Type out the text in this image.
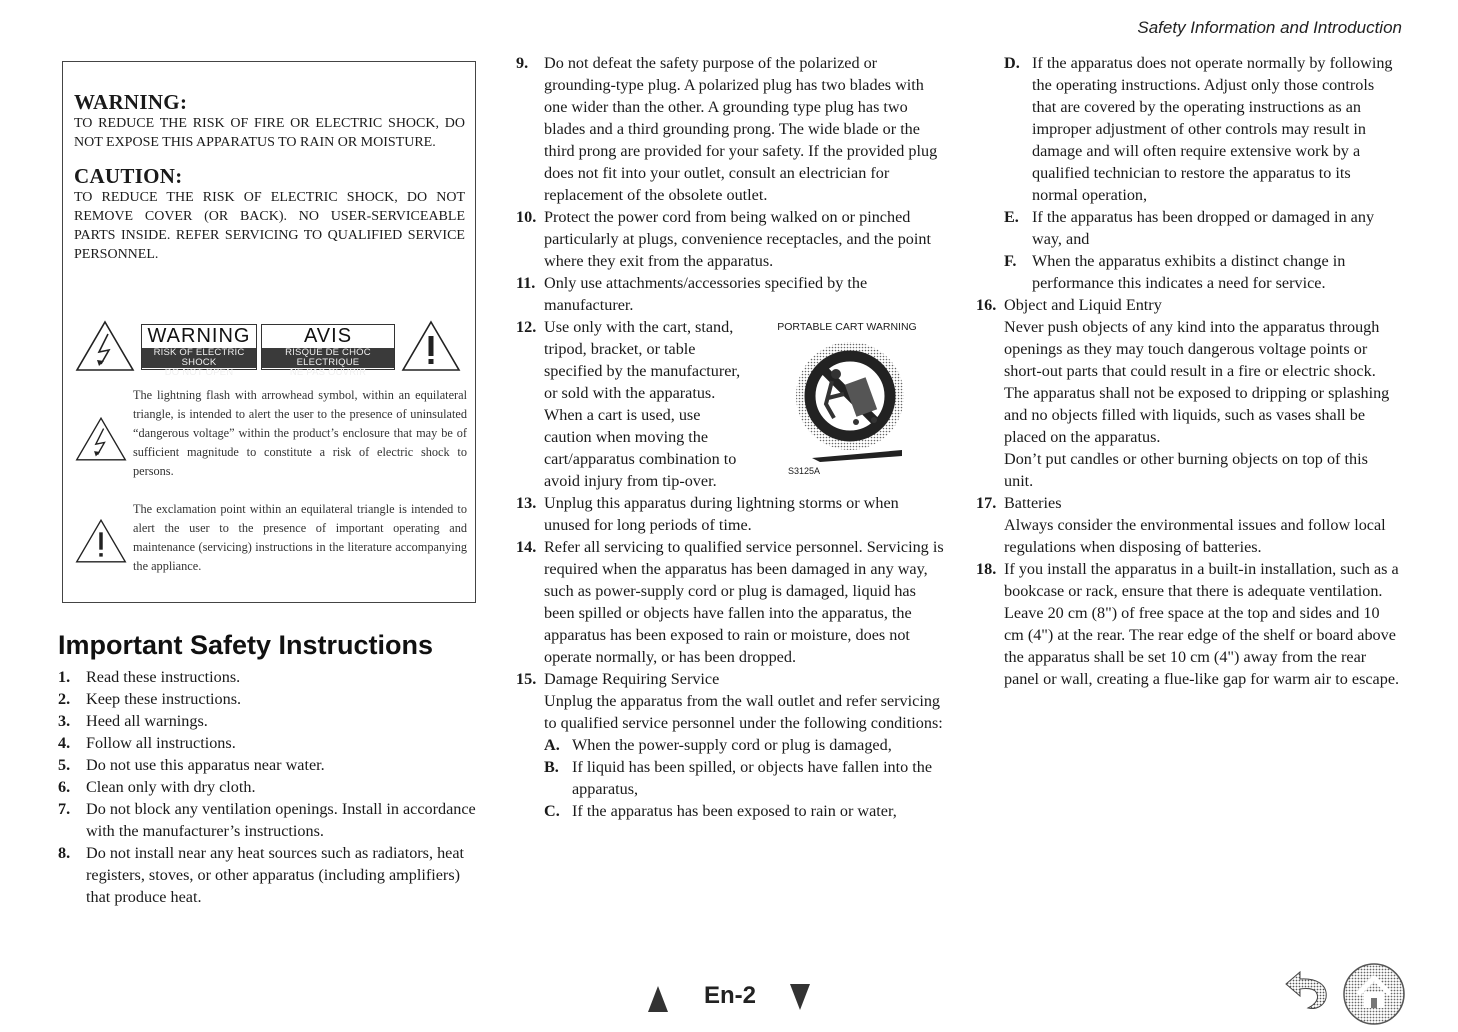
Safety Information and Introduction
WARNING:
TO REDUCE THE RISK OF FIRE OR ELECTRIC SHOCK, DO NOT EXPOSE THIS APPARATUS TO RAIN OR MOISTURE.
CAUTION:
TO REDUCE THE RISK OF ELECTRIC SHOCK, DO NOT REMOVE COVER (OR BACK). NO USER-SERVICEABLE PARTS INSIDE. REFER SERVICING TO QUALIFIED SERVICE PERSONNEL.
WARNING
RISK OF ELECTRIC SHOCK
DO NOT OPEN
AVIS
RISQUE DE CHOC ELECTRIQUE
NE PAS OUVRIR
The lightning flash with arrowhead symbol, within an equilateral triangle, is intended to alert the user to the presence of uninsulated “dangerous voltage” within the product’s enclosure that may be of sufficient magnitude to constitute a risk of electric shock to persons.
The exclamation point within an equilateral triangle is intended to alert the user to the presence of important operating and maintenance (servicing) instructions in the literature accompanying the appliance.
Important Safety Instructions
1. Read these instructions.
2. Keep these instructions.
3. Heed all warnings.
4. Follow all instructions.
5. Do not use this apparatus near water.
6. Clean only with dry cloth.
7. Do not block any ventilation openings. Install in accordance with the manufacturer’s instructions.
8. Do not install near any heat sources such as radiators, heat registers, stoves, or other apparatus (including amplifiers) that produce heat.
9. Do not defeat the safety purpose of the polarized or grounding-type plug. A polarized plug has two blades with one wider than the other. A grounding type plug has two blades and a third grounding prong. The wide blade or the third prong are provided for your safety. If the provided plug does not fit into your outlet, consult an electrician for replacement of the obsolete outlet.
10. Protect the power cord from being walked on or pinched particularly at plugs, convenience receptacles, and the point where they exit from the apparatus.
11. Only use attachments/accessories specified by the manufacturer.
12. Use only with the cart, stand,
tripod, bracket, or table
specified by the manufacturer,
or sold with the apparatus.
When a cart is used, use
caution when moving the
cart/apparatus combination to
avoid injury from tip-over.
PORTABLE CART WARNING
S3125A
13. Unplug this apparatus during lightning storms or when unused for long periods of time.
14. Refer all servicing to qualified service personnel. Servicing is required when the apparatus has been damaged in any way, such as power-supply cord or plug is damaged, liquid has been spilled or objects have fallen into the apparatus, the apparatus has been exposed to rain or moisture, does not operate normally, or has been dropped.
15. Damage Requiring Service
Unplug the apparatus from the wall outlet and refer servicing to qualified service personnel under the following conditions:
A. When the power-supply cord or plug is damaged,
B. If liquid has been spilled, or objects have fallen into the apparatus,
C. If the apparatus has been exposed to rain or water,
D. If the apparatus does not operate normally by following the operating instructions. Adjust only those controls that are covered by the operating instructions as an improper adjustment of other controls may result in damage and will often require extensive work by a qualified technician to restore the apparatus to its normal operation,
E. If the apparatus has been dropped or damaged in any way, and
F. When the apparatus exhibits a distinct change in performance this indicates a need for service.
16. Object and Liquid Entry
Never push objects of any kind into the apparatus through openings as they may touch dangerous voltage points or short-out parts that could result in a fire or electric shock.
The apparatus shall not be exposed to dripping or splashing and no objects filled with liquids, such as vases shall be placed on the apparatus.
Don’t put candles or other burning objects on top of this unit.
17. Batteries
Always consider the environmental issues and follow local regulations when disposing of batteries.
18. If you install the apparatus in a built-in installation, such as a bookcase or rack, ensure that there is adequate ventilation.
Leave 20 cm (8") of free space at the top and sides and 10 cm (4") at the rear. The rear edge of the shelf or board above the apparatus shall be set 10 cm (4") away from the rear panel or wall, creating a flue-like gap for warm air to escape.
En-2
